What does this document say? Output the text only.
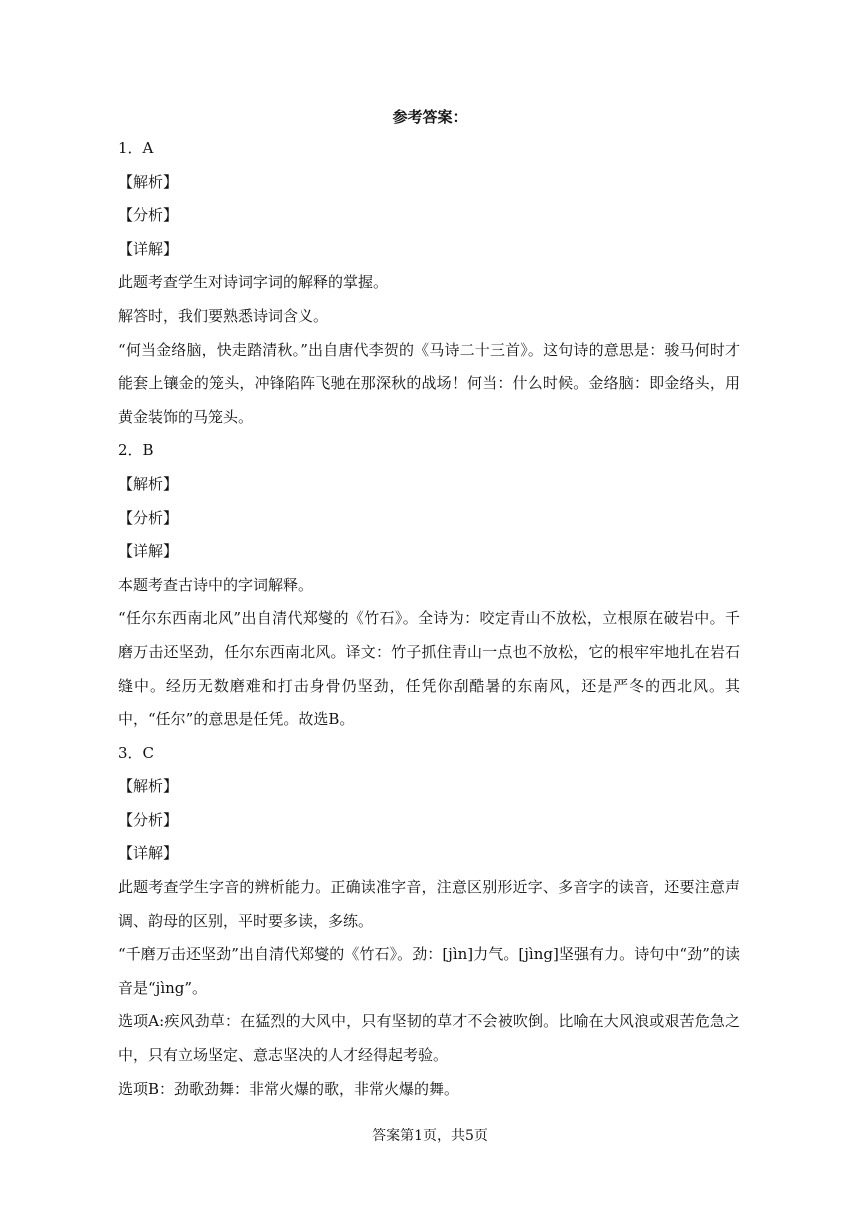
参考答案：

1．A

【解析】

【分析】

【详解】

此题考查学生对诗词字词的解释的掌握。

解答时，我们要熟悉诗词含义。

“何当金络脑，快走踏清秋。”出自唐代李贺的《马诗二十三首》。这句诗的意思是：骏马何时才能套上镶金的笼头，冲锋陷阵飞驰在那深秋的战场！何当：什么时候。金络脑：即金络头，用黄金装饰的马笼头。

2．B

【解析】

【分析】

【详解】

本题考查古诗中的字词解释。

“任尔东西南北风”出自清代郑燮的《竹石》。全诗为：咬定青山不放松，立根原在破岩中。千磨万击还坚劲，任尔东西南北风。译文：竹子抓住青山一点也不放松，它的根牢牢地扎在岩石缝中。经历无数磨难和打击身骨仍坚劲，任凭你刮酷暑的东南风，还是严冬的西北风。其中，“任尔”的意思是任凭。故选B。

3．C

【解析】

【分析】

【详解】

此题考查学生字音的辨析能力。正确读准字音，注意区别形近字、多音字的读音，还要注意声调、韵母的区别，平时要多读，多练。

“千磨万击还坚劲”出自清代郑燮的《竹石》。劲：[jìn]力气。[jìng]坚强有力。诗句中“劲”的读音是“jìng”。

选项A:疾风劲草：在猛烈的大风中，只有坚韧的草才不会被吹倒。比喻在大风浪或艰苦危急之中，只有立场坚定、意志坚决的人才经得起考验。

选项B：劲歌劲舞：非常火爆的歌，非常火爆的舞。

答案第1页，共5页
